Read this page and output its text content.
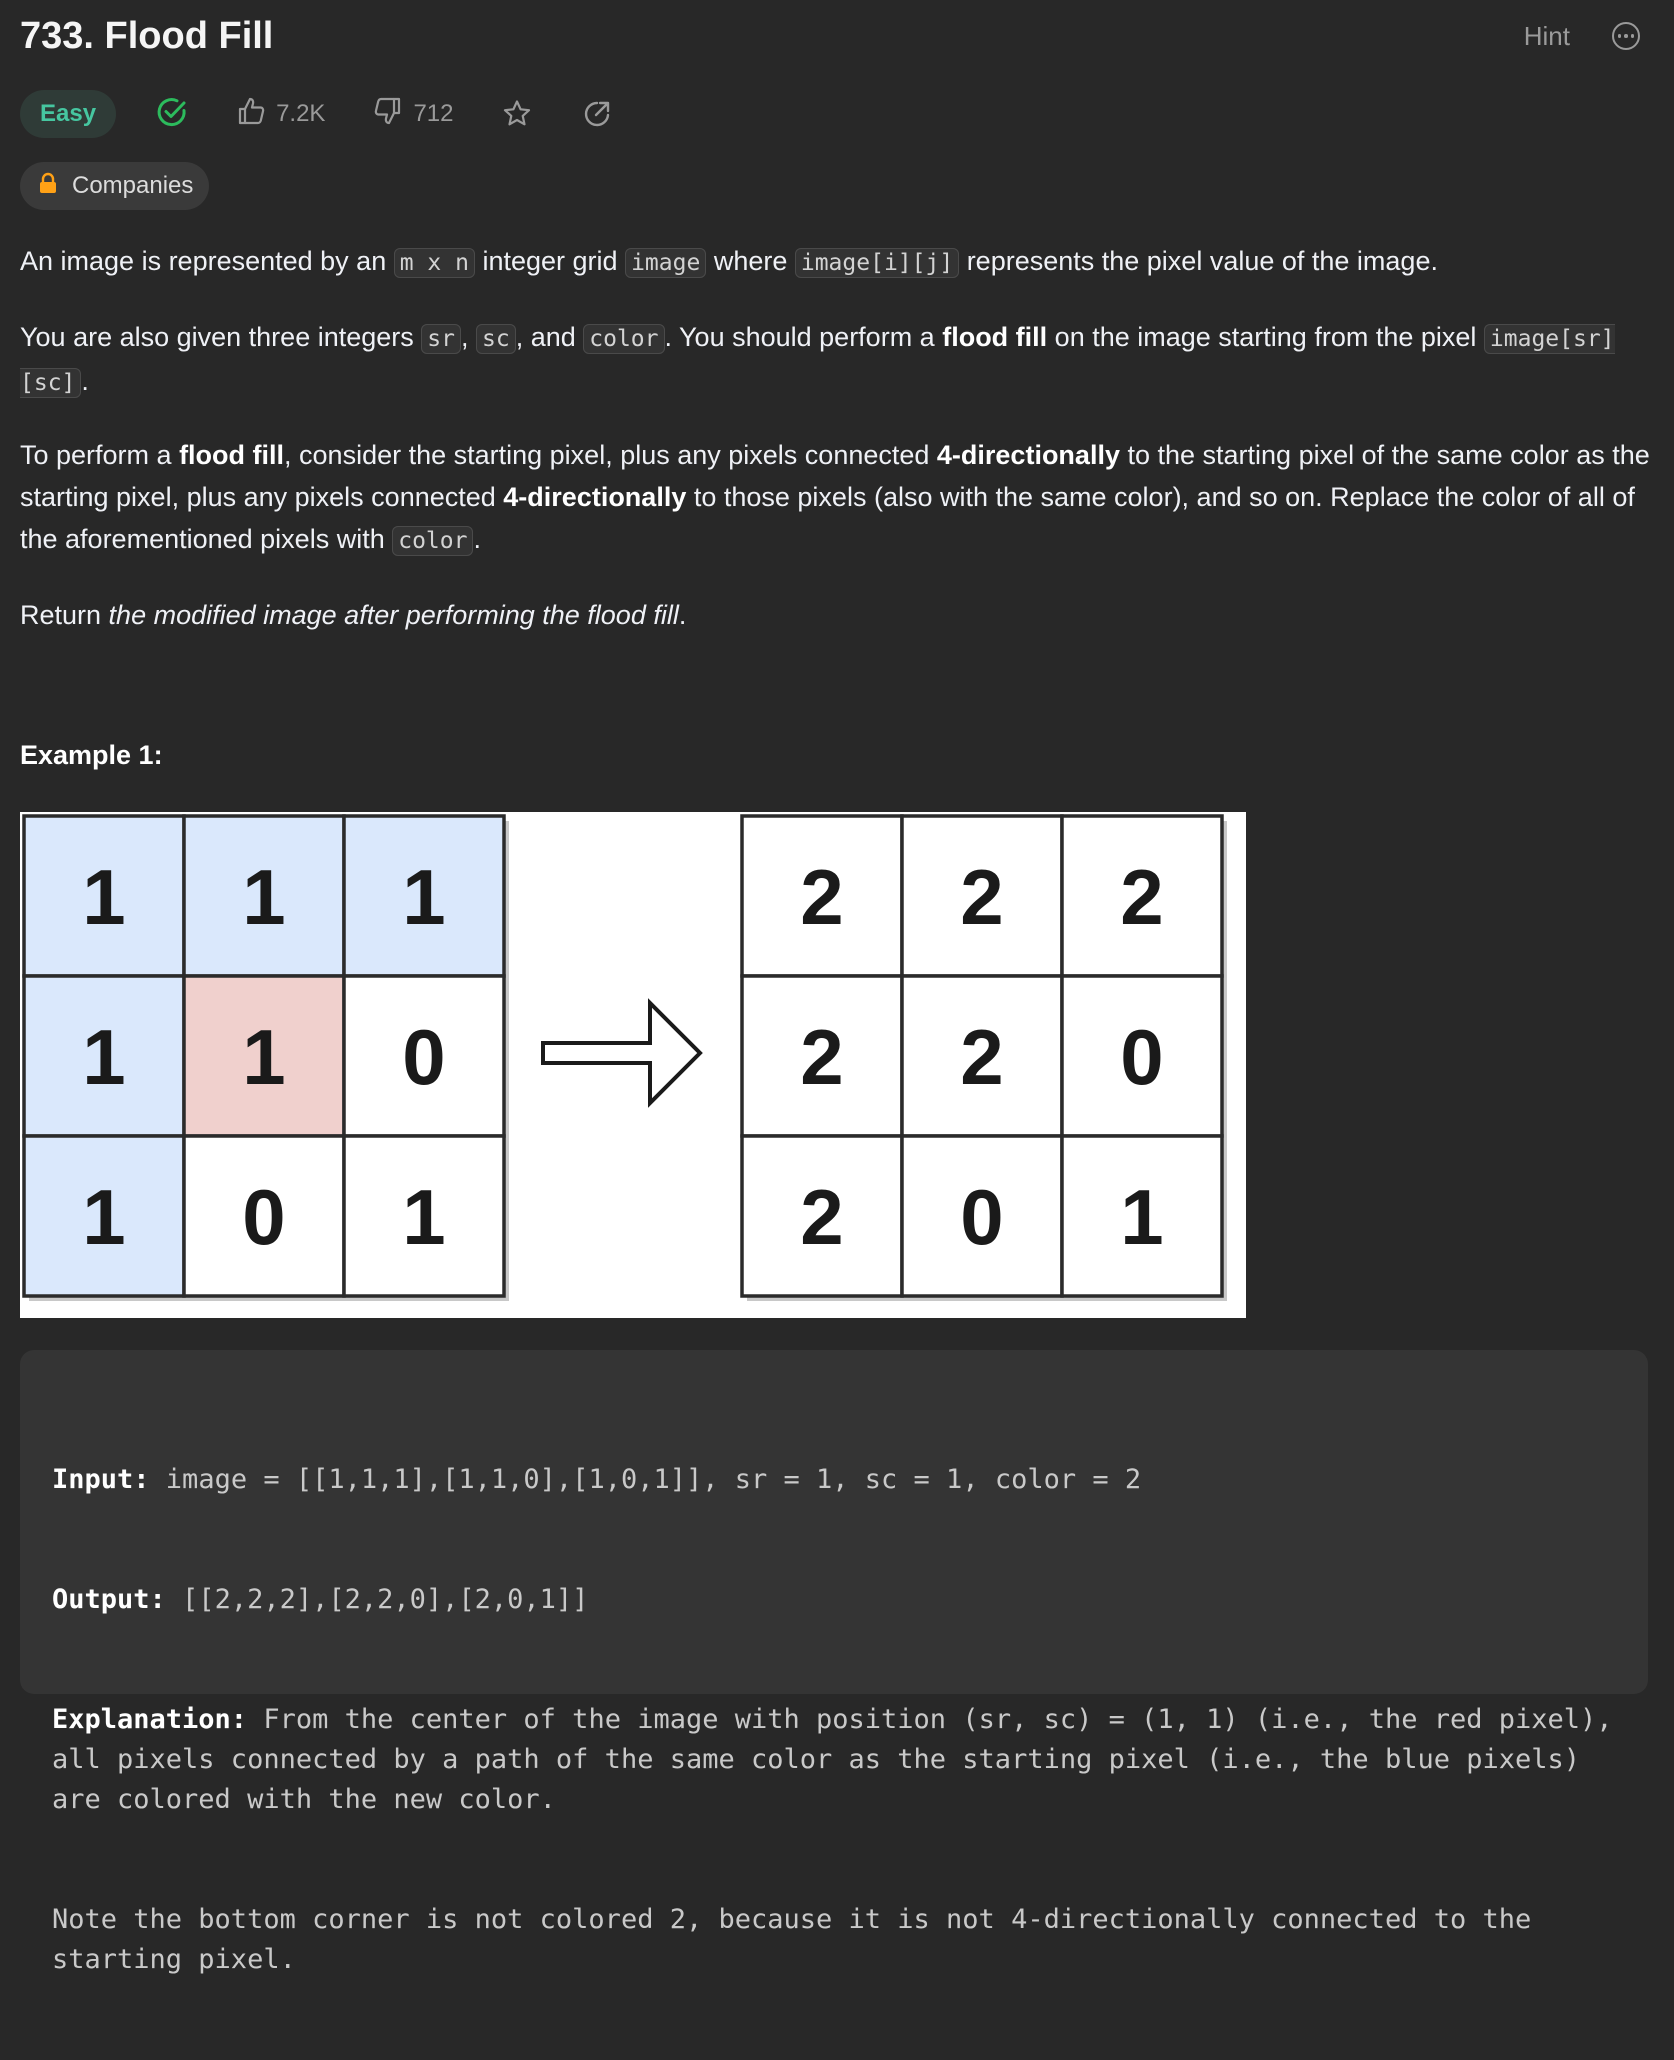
733. Flood Fill	Hint
Easy	7.2K	712
Companies

An image is represented by an m x n integer grid image where image[i][j] represents the pixel value of the image.

You are also given three integers sr , sc , and color . You should perform a flood fill on the image starting from the pixel image[sr][sc] .

To perform a flood fill, consider the starting pixel, plus any pixels connected 4-directionally to the starting pixel of the same color as the starting pixel, plus any pixels connected 4-directionally to those pixels (also with the same color), and so on. Replace the color of all of the aforementioned pixels with color .

Return the modified image after performing the flood fill.

Example 1:
1 1 1
1 1 0
1 0 1
2 2 2
2 2 0
2 0 1

Input: image = [[1,1,1],[1,1,0],[1,0,1]], sr = 1, sc = 1, color = 2

Output: [[2,2,2],[2,2,0],[2,0,1]]

Explanation: From the center of the image with position (sr, sc) = (1, 1) (i.e., the red pixel), all pixels connected by a path of the same color as the starting pixel (i.e., the blue pixels) are colored with the new color.

Note the bottom corner is not colored 2, because it is not 4-directionally connected to the starting pixel.
